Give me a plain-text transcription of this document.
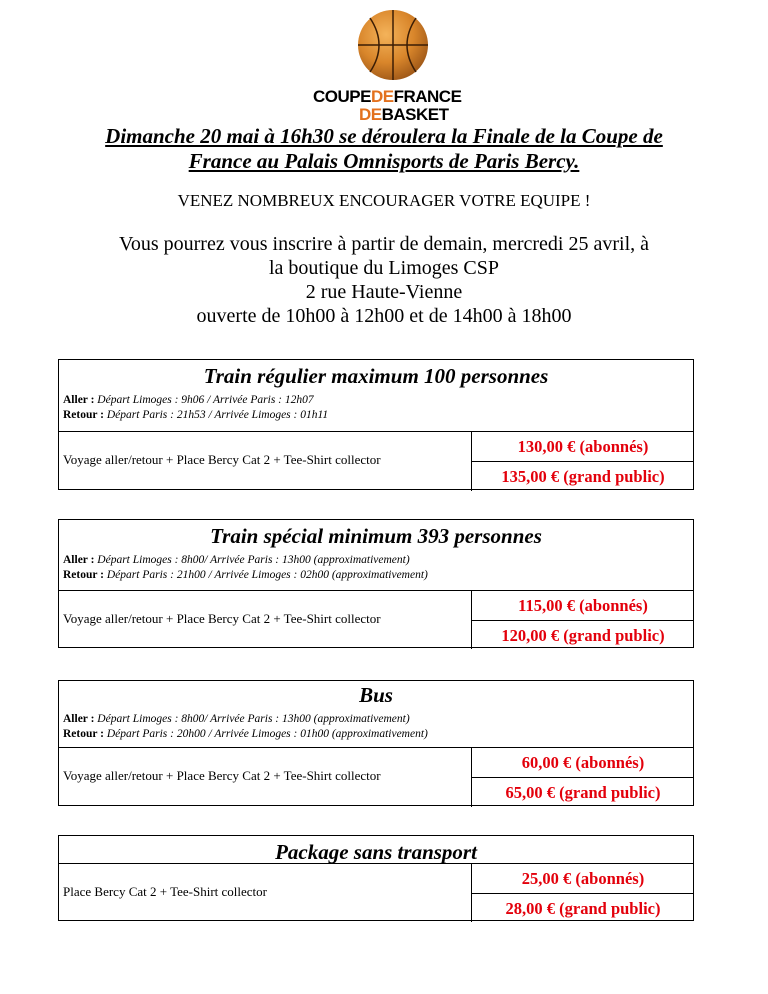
COUPEDEFRANCE
DEBASKET
Dimanche 20 mai à 16h30 se déroulera la Finale de la Coupe de
France au Palais Omnisports de Paris Bercy.
VENEZ NOMBREUX ENCOURAGER VOTRE EQUIPE !
Vous pourrez vous inscrire à partir de demain, mercredi 25 avril, à
la boutique du Limoges CSP
2 rue Haute-Vienne
ouverte de 10h00 à 12h00 et de 14h00 à 18h00
Train régulier maximum 100 personnes
Aller : Départ Limoges : 9h06 / Arrivée Paris : 12h07
Retour : Départ Paris : 21h53 / Arrivée Limoges : 01h11
Voyage aller/retour + Place Bercy Cat 2 + Tee-Shirt collector
130,00 € (abonnés)
135,00 € (grand public)
Train spécial minimum 393 personnes
Aller : Départ Limoges : 8h00/ Arrivée Paris : 13h00 (approximativement)
Retour : Départ Paris : 21h00 / Arrivée Limoges : 02h00 (approximativement)
Voyage aller/retour + Place Bercy Cat 2 + Tee-Shirt collector
115,00 € (abonnés)
120,00 € (grand public)
Bus
Aller : Départ Limoges : 8h00/ Arrivée Paris : 13h00 (approximativement)
Retour : Départ Paris : 20h00 / Arrivée Limoges : 01h00 (approximativement)
Voyage aller/retour + Place Bercy Cat 2 + Tee-Shirt collector
60,00 € (abonnés)
65,00 € (grand public)
Package sans transport
Place Bercy Cat 2 + Tee-Shirt collector
25,00 € (abonnés)
28,00 € (grand public)
